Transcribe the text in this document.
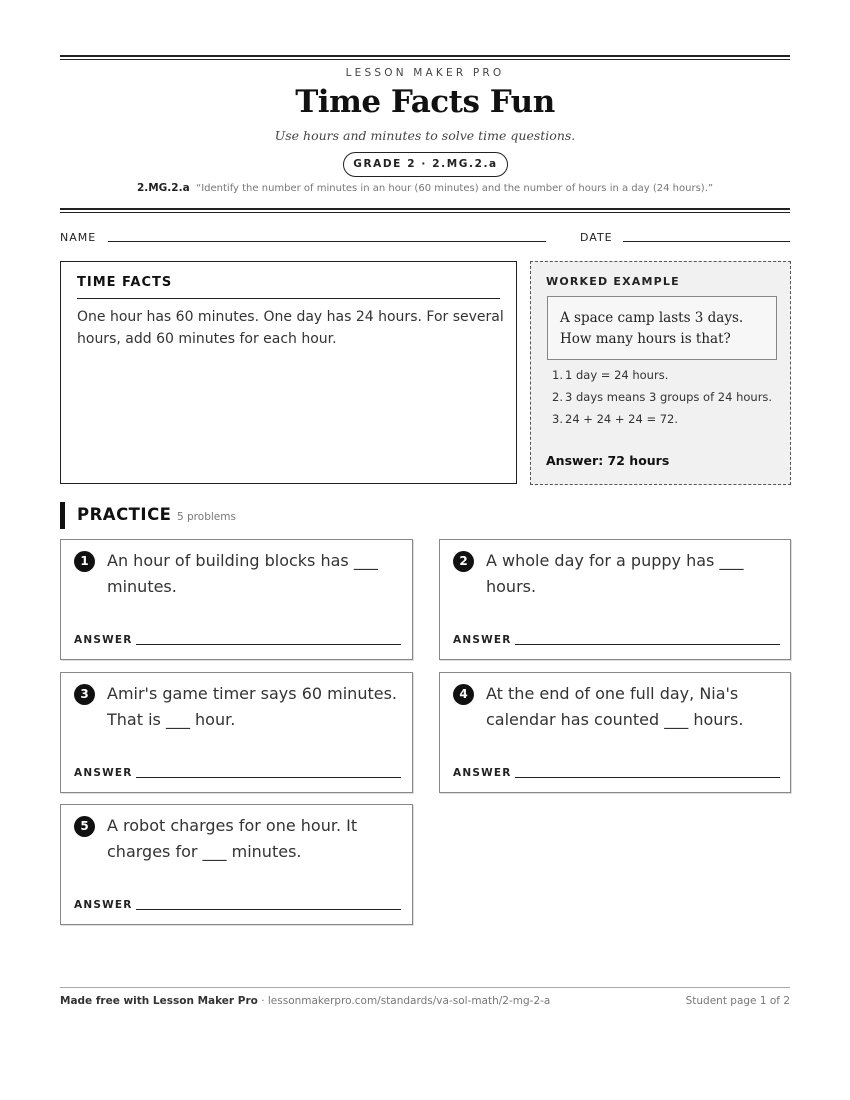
LESSON MAKER PRO
Time Facts Fun
Use hours and minutes to solve time questions.
GRADE 2 · 2.MG.2.a
2.MG.2.a “Identify the number of minutes in an hour (60 minutes) and the number of hours in a day (24 hours).”
NAME	DATE
TIME FACTS
One hour has 60 minutes. One day has 24 hours. For several hours, add 60 minutes for each hour.
WORKED EXAMPLE
A space camp lasts 3 days. How many hours is that?
1. 1 day = 24 hours.
2. 3 days means 3 groups of 24 hours.
3. 24 + 24 + 24 = 72.
Answer: 72 hours
PRACTICE 5 problems
1	An hour of building blocks has ___ minutes.
ANSWER
2	A whole day for a puppy has ___ hours.
ANSWER
3	Amir's game timer says 60 minutes. That is ___ hour.
ANSWER
4	At the end of one full day, Nia's calendar has counted ___ hours.
ANSWER
5	A robot charges for one hour. It charges for ___ minutes.
ANSWER
Made free with Lesson Maker Pro · lessonmakerpro.com/standards/va-sol-math/2-mg-2-a	Student page 1 of 2
